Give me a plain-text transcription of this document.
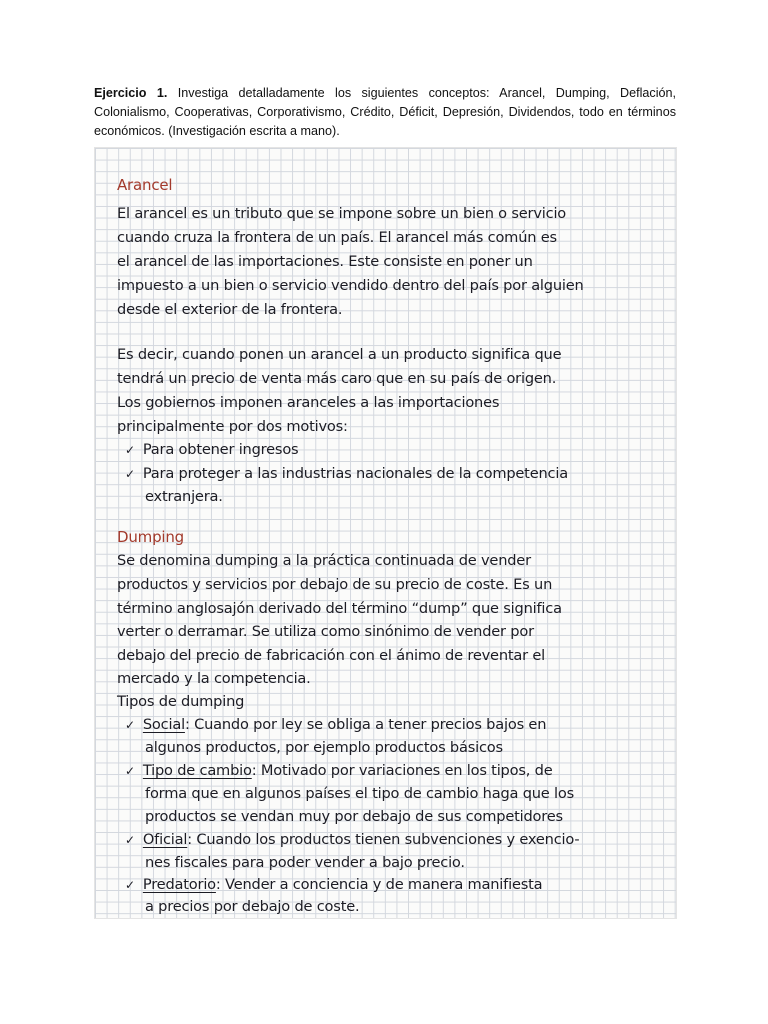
Ejercicio 1. Investiga detalladamente los siguientes conceptos: Arancel, Dumping, Deflación, Colonialismo, Cooperativas, Corporativismo, Crédito, Déficit, Depresión, Dividendos, todo en términos económicos. (Investigación escrita a mano).

Arancel

El arancel es un tributo que se impone sobre un bien o servicio

cuando cruza la frontera de un país. El arancel más común es

el arancel de las importaciones. Este consiste en poner un

impuesto a un bien o servicio vendido dentro del país por alguien

desde el exterior de la frontera.

Es decir, cuando ponen un arancel a un producto significa que

tendrá un precio de venta más caro que en su país de origen.

Los gobiernos imponen aranceles a las importaciones

principalmente por dos motivos:

✓ Para obtener ingresos

✓ Para proteger a las industrias nacionales de la competencia

extranjera.

Dumping

Se denomina dumping a la práctica continuada de vender

productos y servicios por debajo de su precio de coste. Es un

término anglosajón derivado del término “dump” que significa

verter o derramar. Se utiliza como sinónimo de vender por

debajo del precio de fabricación con el ánimo de reventar el

mercado y la competencia.

Tipos de dumping

✓ Social: Cuando por ley se obliga a tener precios bajos en

algunos productos, por ejemplo productos básicos

✓ Tipo de cambio: Motivado por variaciones en los tipos, de

forma que en algunos países el tipo de cambio haga que los

productos se vendan muy por debajo de sus competidores

✓ Oficial: Cuando los productos tienen subvenciones y exencio-

nes fiscales para poder vender a bajo precio.

✓ Predatorio: Vender a conciencia y de manera manifiesta

a precios por debajo de coste.
